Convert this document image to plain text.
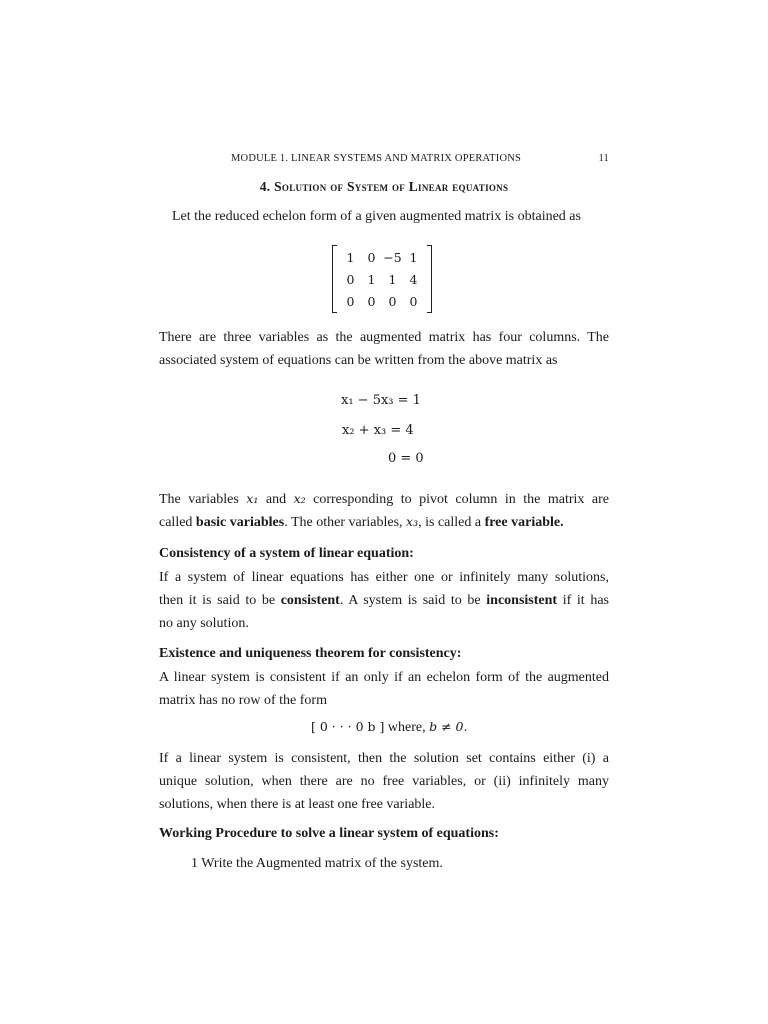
MODULE 1. LINEAR SYSTEMS AND MATRIX OPERATIONS	11
4. Solution of System of Linear equations
Let the reduced echelon form of a given augmented matrix is obtained as
1	0	−5	1
0	1	1	4
0	0	0	0
There are three variables as the augmented matrix has four columns. The
associated system of equations can be written from the above matrix as
x₁ − 5x₃ = 1
x₂ + x₃ = 4
0 = 0
The variables x₁ and x₂ corresponding to pivot column in the matrix are
called basic variables. The other variables, x₃, is called a free variable.
Consistency of a system of linear equation:
If a system of linear equations has either one or infinitely many solutions,
then it is said to be consistent. A system is said to be inconsistent if it has
no any solution.
Existence and uniqueness theorem for consistency:
A linear system is consistent if an only if an echelon form of the augmented
matrix has no row of the form
[ 0 · · · 0 b ] where, b ≠ 0.
If a linear system is consistent, then the solution set contains either (i) a
unique solution, when there are no free variables, or (ii) infinitely many
solutions, when there is at least one free variable.
Working Procedure to solve a linear system of equations:
1 Write the Augmented matrix of the system.
